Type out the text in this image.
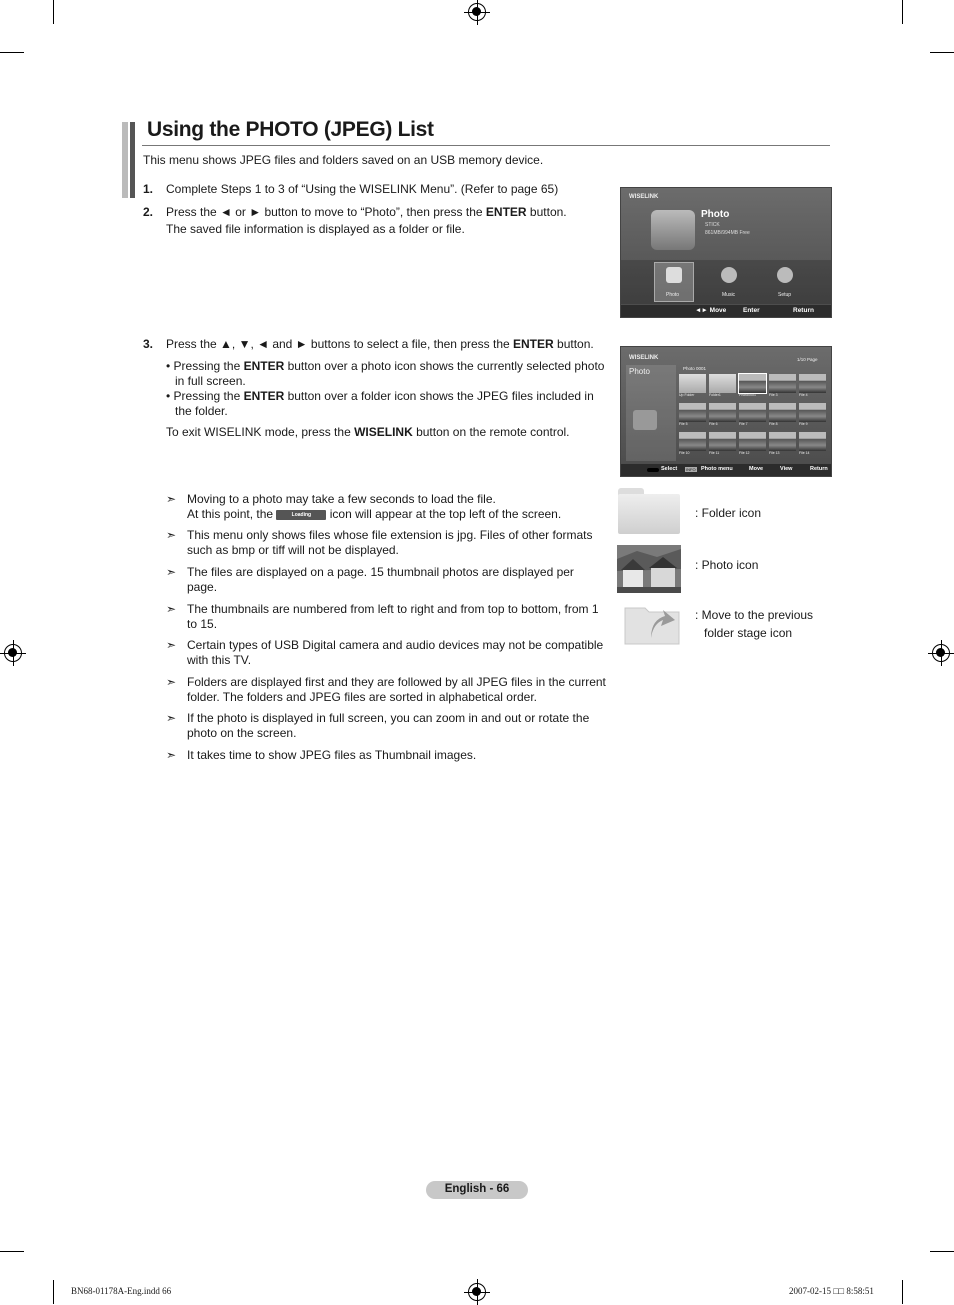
Using the PHOTO (JPEG) List
This menu shows JPEG files and folders saved on an USB memory device.
1. Complete Steps 1 to 3 of “Using the WISELINK Menu”. (Refer to page 65)
2. Press the ◄ or ► button to move to “Photo”, then press the ENTER button.
The saved file information is displayed as a folder or file.
WISELINK
Photo
STICK
861MB/994MB Free
Photo	Music	Setup
◄► Move	Enter	Return
3. Press the ▲, ▼, ◄ and ► buttons to select a file, then press the ENTER button.
• Pressing the ENTER button over a photo icon shows the currently selected photo
in full screen.
• Pressing the ENTER button over a folder icon shows the JPEG files included in
the folder.
To exit WISELINK mode, press the WISELINK button on the remote control.
WISELINK	1/10 Page
Photo	Photo 0001
Up Folder	Folder1	Photo0001	File 3	File 4
File 5	File 6	File 7	File 8	File 9
File 10	File 11	File 12	File 13	File 14
Select INFO Photo menu	Move	View	Return
➣ Moving to a photo may take a few seconds to load the file.
At this point, the	Loading icon will appear at the top left of the screen.
➣ This menu only shows files whose file extension is jpg. Files of other formats
such as bmp or tiff will not be displayed.
➣ The files are displayed on a page. 15 thumbnail photos are displayed per
page.
➣ The thumbnails are numbered from left to right and from top to bottom, from 1
to 15.
➣ Certain types of USB Digital camera and audio devices may not be compatible
with this TV.
➣ Folders are displayed first and they are followed by all JPEG files in the current
folder. The folders and JPEG files are sorted in alphabetical order.
➣ If the photo is displayed in full screen, you can zoom in and out or rotate the
photo on the screen.
➣ It takes time to show JPEG files as Thumbnail images.
: Folder icon
: Photo icon
: Move to the previous
folder stage icon
English - 66
BN68-01178A-Eng.indd 66	2007-02-15 □□ 8:58:51
